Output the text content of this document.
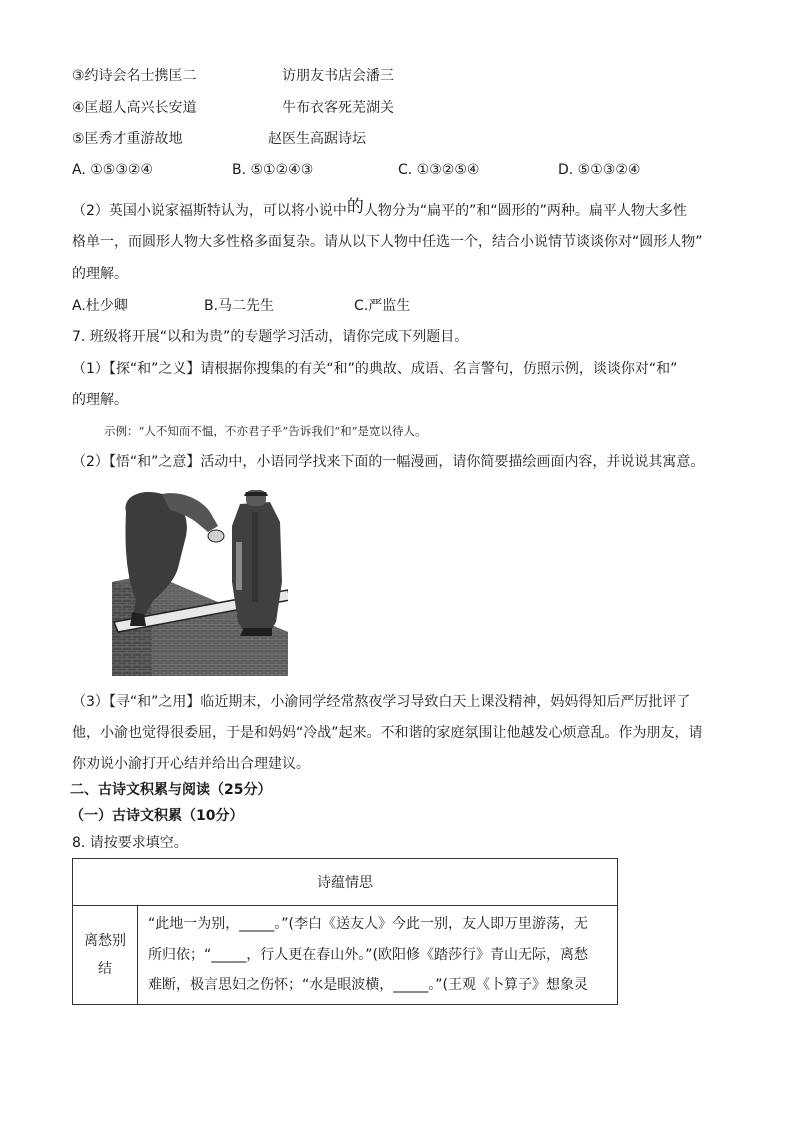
③约诗会名士携匡二	访朋友书店会潘三
④匡超人高兴长安道	牛布衣客死芜湖关
⑤匡秀才重游故地	赵医生高踞诗坛
A. ①⑤③②④	B. ⑤①②④③	C. ①③②⑤④	D. ⑤①③②④
（2）英国小说家福斯特认为，可以将小说中的人物分为“扁平的”和“圆形的”两种。扁平人物大多性
格单一，而圆形人物大多性格多面复杂。请从以下人物中任选一个，结合小说情节谈谈你对“圆形人物”
的理解。
A.杜少卿	B.马二先生	C.严监生
7. 班级将开展“以和为贵”的专题学习活动，请你完成下列题目。
（1）【探“和”之义】请根据你搜集的有关“和”的典故、成语、名言警句，仿照示例，谈谈你对“和”
的理解。
示例：“人不知而不愠，不亦君子乎”告诉我们“和”是宽以待人。
（2）【悟“和”之意】活动中，小语同学找来下面的一幅漫画，请你简要描绘画面内容，并说说其寓意。
（3）【寻“和”之用】临近期末，小渝同学经常熬夜学习导致白天上课没精神，妈妈得知后严厉批评了
他，小渝也觉得很委屈，于是和妈妈“冷战”起来。不和谐的家庭氛围让他越发心烦意乱。作为朋友，请
你劝说小渝打开心结并给出合理建议。
二、古诗文积累与阅读（25分）
（一）古诗文积累（10分）
8. 请按要求填空。
诗蕴情思

离愁别
结

“此地一为别，_____。”(李白《送友人》今此一别，友人即万里游荡，无
所归依；“_____，行人更在春山外。”(欧阳修《踏莎行》青山无际，离愁
难断，极言思妇之伤怀；“水是眼波横，_____。”(王观《卜算子》想象灵
